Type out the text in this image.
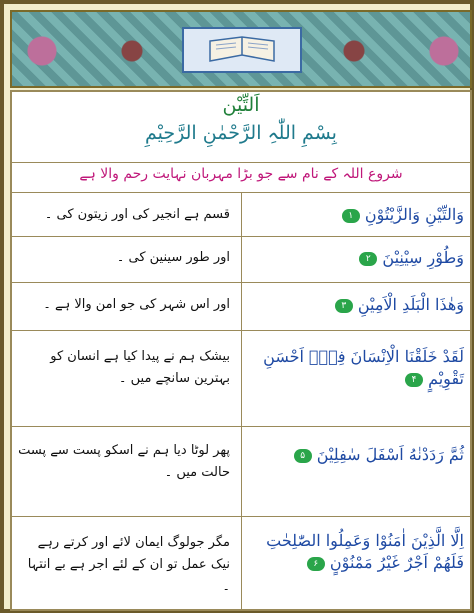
اَلتِّیْن
بِسْمِ اللّٰہِ الرَّحْمٰنِ الرَّحِیْمِ
شروع اللہ کے نام سے جو بڑا مہربان نہایت رحم والا ہے
وَالتِّیْنِ وَالزَّیْتُوْنِ ۱
قسم ہے انجیر کی اور زیتون کی ۔
وَطُوْرِ سِیْنِیْنَ ۲
اور طور سینین کی ۔
وَھٰذَا الْبَلَدِ الْاَمِیْنِ ۳
اور اس شہر کی جو امن والا ہے ۔
لَقَدْ خَلَقْنَا الْاِنْسَانَ فِیْۤ اَحْسَنِ تَقْوِیْمٍ ۴
بیشک ہم نے پیدا کیا ہے انسان کو بہترین سانچے میں ۔
ثُمَّ رَدَدْنٰهُ اَسْفَلَ سٰفِلِیْنَ ۵
پھر لوٹا دیا ہم نے اسکو پست سے پست حالت میں ۔
اِلَّا الَّذِیْنَ اٰمَنُوْا وَعَمِلُوا الصّٰلِحٰتِ فَلَھُمْ اَجْرٌ غَیْرُ مَمْنُوْنٍ ۶
مگر جولوگ ایمان لائے اور کرتے رہے نیک عمل تو ان کے لئے اجر ہے بے انتہا ۔
